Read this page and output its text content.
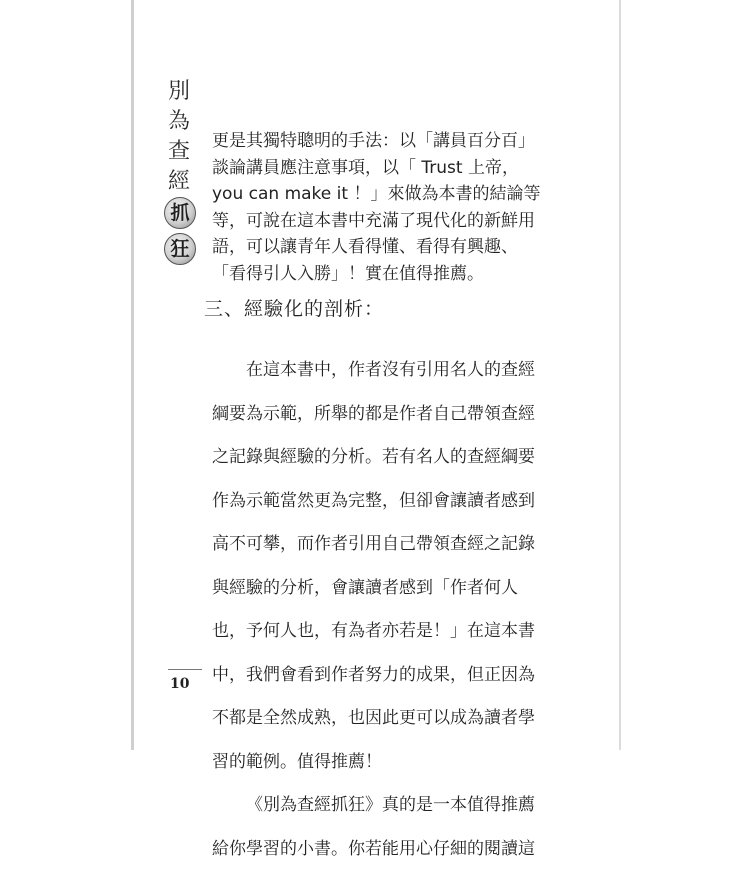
別
為
查
經
抓
狂

更是其獨特聰明的手法：以「講員百分百」

談論講員應注意事項，以「 Trust 上帝，

you can make it ！」來做為本書的結論等

等，可說在這本書中充滿了現代化的新鮮用

語，可以讓青年人看得懂、看得有興趣、

「看得引人入勝」！實在值得推薦。

三、經驗化的剖析：

在這本書中，作者沒有引用名人的查經

綱要為示範，所舉的都是作者自己帶領查經

之記錄與經驗的分析。若有名人的查經綱要

作為示範當然更為完整，但卻會讓讀者感到

高不可攀，而作者引用自己帶領查經之記錄

與經驗的分析，會讓讀者感到「作者何人

也，予何人也，有為者亦若是！」在這本書

中，我們會看到作者努力的成果，但正因為

不都是全然成熟，也因此更可以成為讀者學

習的範例。值得推薦！

《別為查經抓狂》真的是一本值得推薦

給你學習的小書。你若能用心仔細的閱讀這

10
